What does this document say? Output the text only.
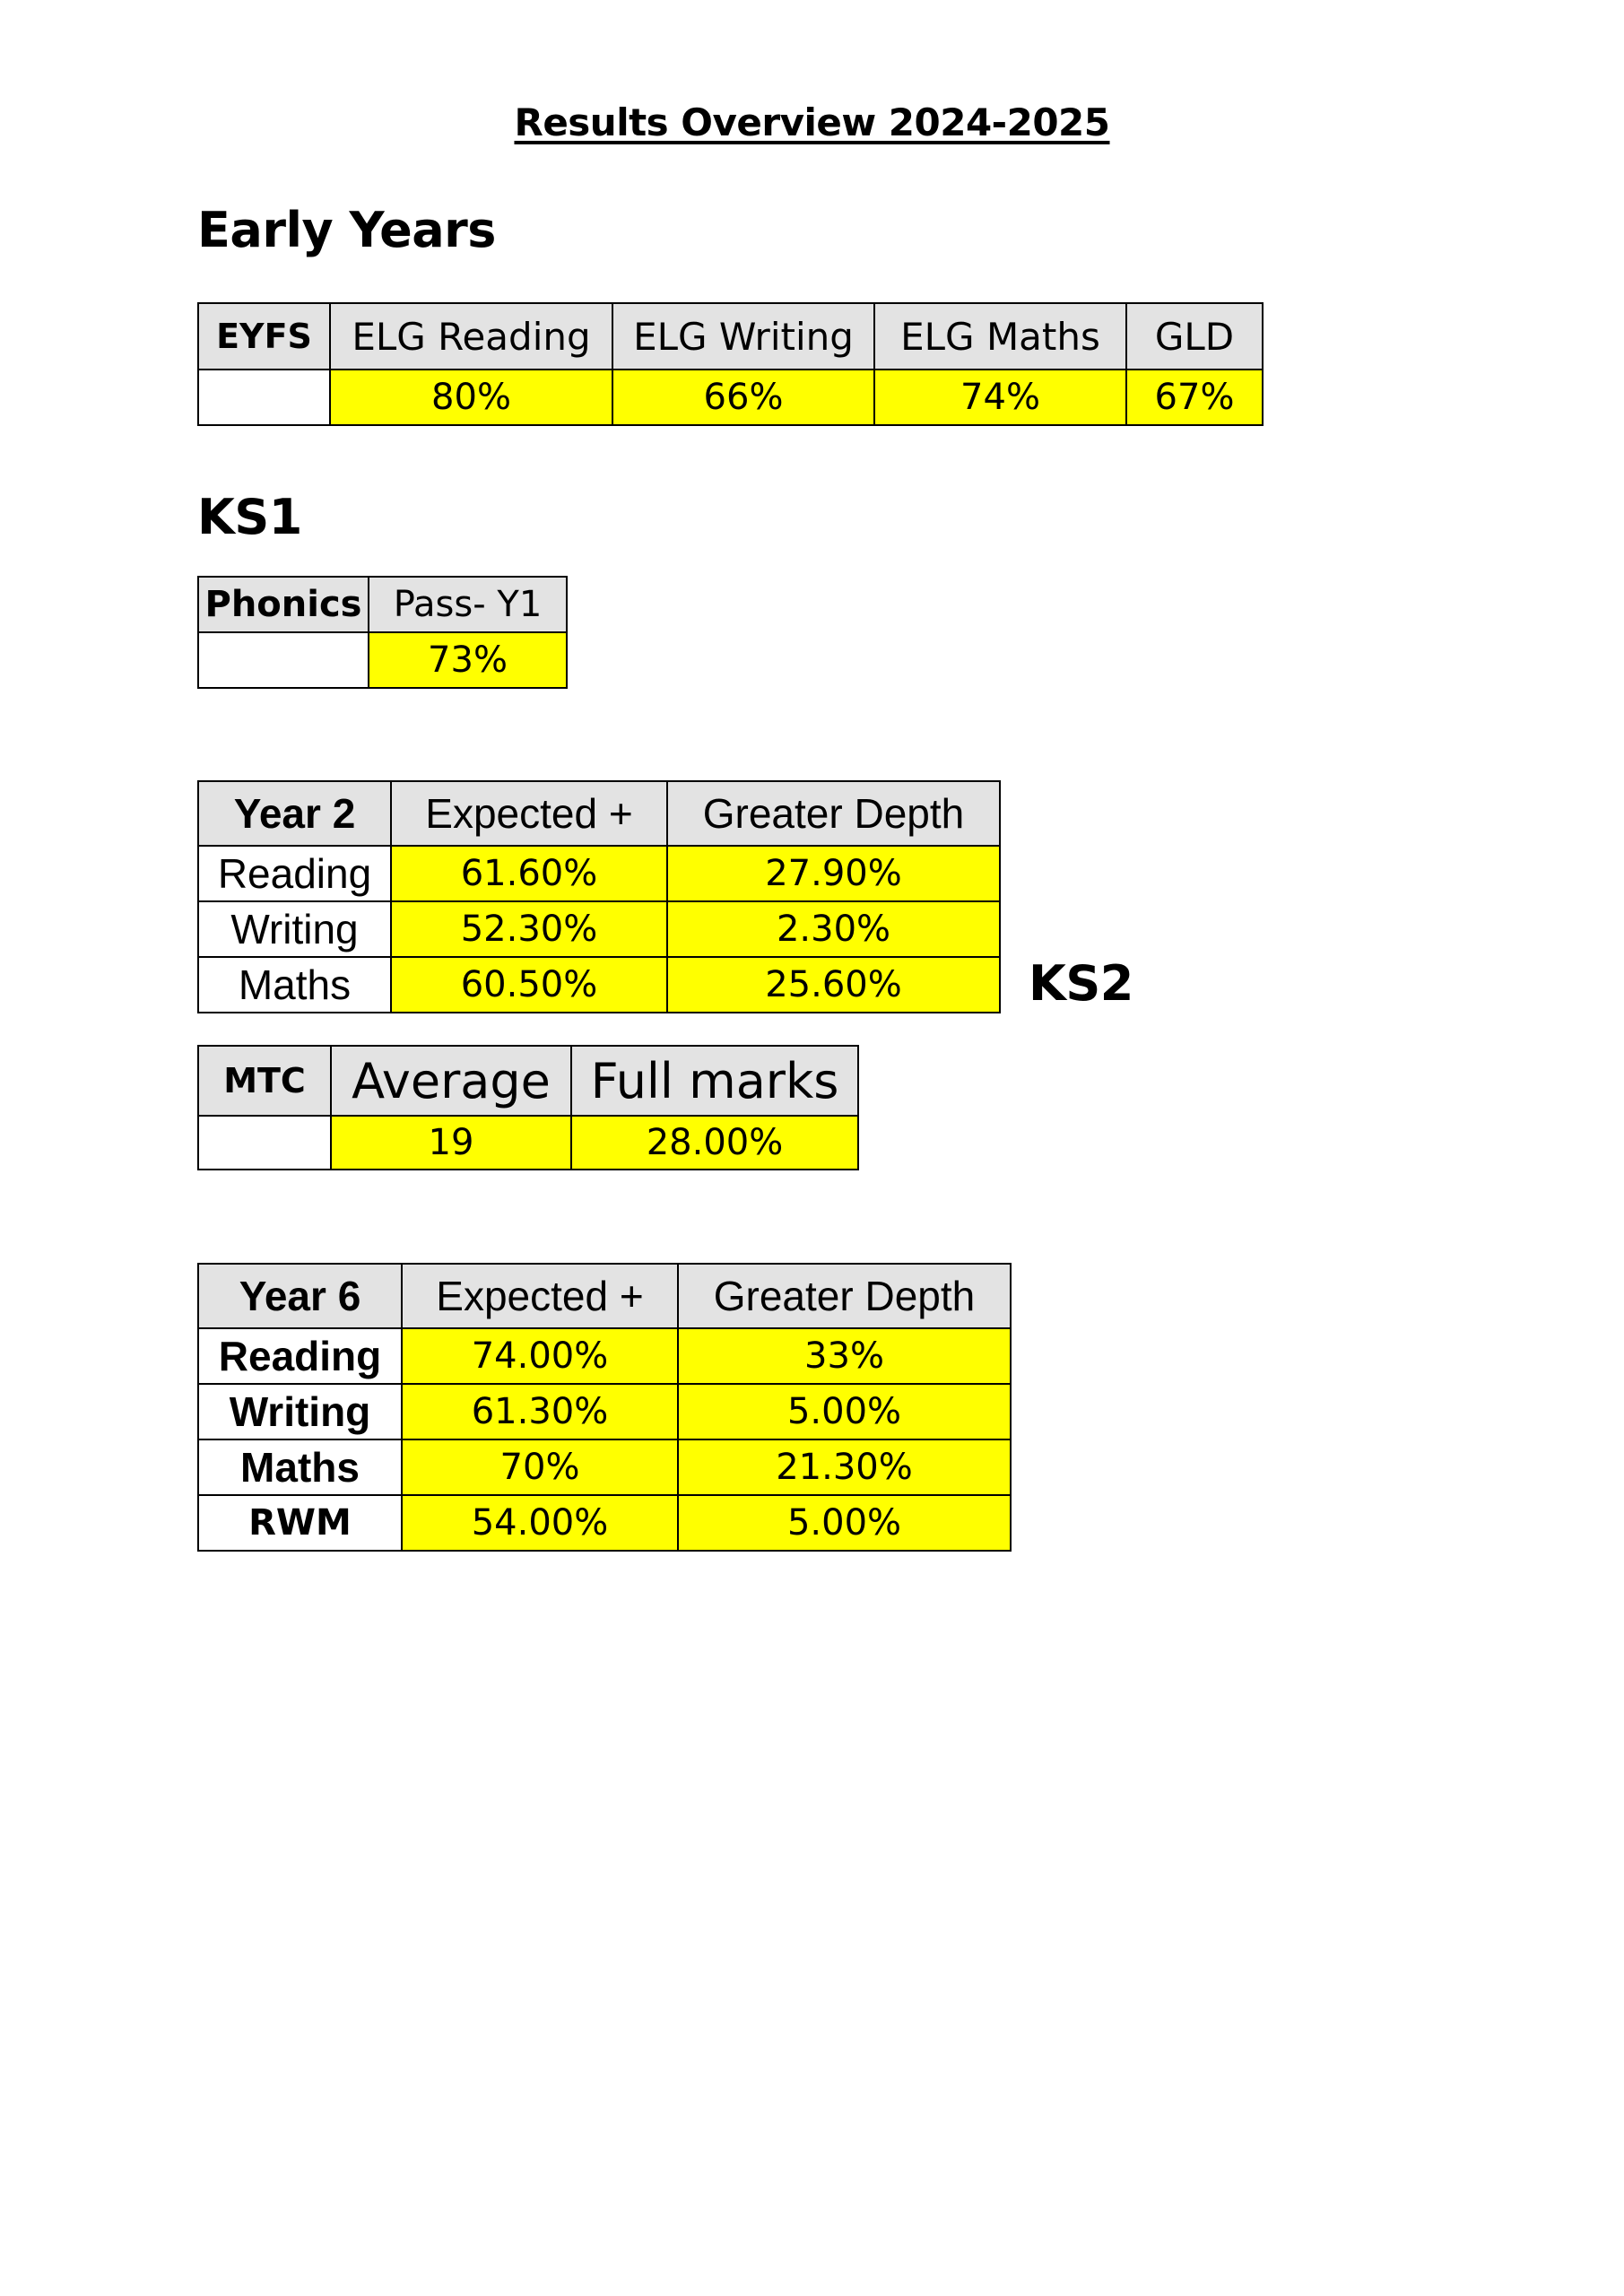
Results Overview 2024-2025
Early Years
EYFS	ELG Reading	ELG Writing	ELG Maths	GLD
	80%	66%	74%	67%
KS1
Phonics	Pass- Y1
	73%
Year 2	Expected +	Greater Depth
Reading	61.60%	27.90%
Writing	52.30%	2.30%
Maths	60.50%	25.60%	KS2
MTC	Average	Full marks
	19	28.00%
Year 6	Expected +	Greater Depth
Reading	74.00%	33%
Writing	61.30%	5.00%
Maths	70%	21.30%
RWM	54.00%	5.00%
